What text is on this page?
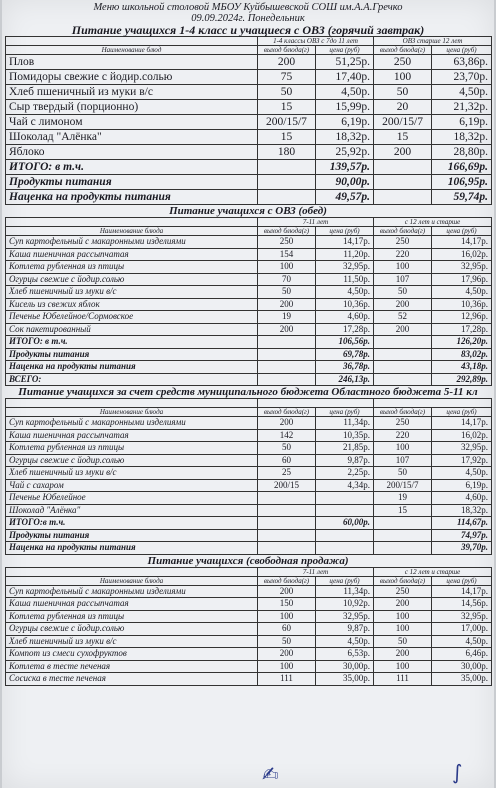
Меню школьной столовой МБОУ Куйбышевской СОШ им.А.А.Гречко
09.09.2024г. Понедельник
Питание учащихся 1-4 класс и учащиеся с ОВЗ (горячий завтрак)
	1-4 классы ОВЗ с 7до 11 лет		ОВЗ старше 12 лет	
Наименование блюд	выход блюда(г)	цена (руб)	выход блюда(г)	цена (руб)
Плов	200	51,25р.	250	63,86р.
Помидоры свежие с йодир.солью	75	17,40р.	100	23,70р.
Хлеб пшеничный из муки в/с	50	4,50р.	50	4,50р.
Сыр твердый (порционно)	15	15,99р.	20	21,32р.
Чай с лимоном	200/15/7	6,19р.	200/15/7	6,19р.
Шоколад "Алёнка"	15	18,32р.	15	18,32р.
Яблоко	180	25,92р.	200	28,80р.
ИТОГО: в т.ч.		139,57р.		166,69р.
Продукты питания		90,00р.		106,95р.
Наценка на продукты питания		49,57р.		59,74р.
Питание учащихся с ОВЗ (обед)
	7-11 лет		с 12 лет и старше	
Наименование блюда	выход блюда(г)	цена (руб)	выход блюда(г)	цена (руб)
Суп картофельный с макаронными изделиями	250	14,17р.	250	14,17р.
Каша пшеничная рассыпчатая	154	11,20р.	220	16,02р.
Котлета рубленная из птицы	100	32,95р.	100	32,95р.
Огурцы свежие с йодир.солью	70	11,50р.	107	17,96р.
Хлеб пшеничный из муки в/с	50	4,50р.	50	4,50р.
Кисель из свежих яблок	200	10,36р.	200	10,36р.
Печенье Юбелейное/Сормовское	19	4,60р.	52	12,96р.
Сок пакетированный	200	17,28р.	200	17,28р.
ИТОГО: в т.ч.		106,56р.		126,20р.
Продукты питания		69,78р.		83,02р.
Наценка на продукты питания		36,78р.		43,18р.
ВСЕГО:		246,13р.		292,89р.
Питание учащихся за счет средств муниципального бюджета Областного бюджета 5-11 кл

Наименование блюда	выход блюда(г)	цена (руб)	выход блюда(г)	цена (руб)
Суп картофельный с макаронными изделиями	200	11,34р.	250	14,17р.
Каша пшеничная рассыпчатая	142	10,35р.	220	16,02р.
Котлета рубленная из птицы	50	21,85р.	100	32,95р.
Огурцы свежие с йодир.солью	60	9,87р.	107	17,92р.
Хлеб пшеничный из муки в/с	25	2,25р.	50	4,50р.
Чай с сахаром	200/15	4,34р.	200/15/7	6,19р.
Печенье Юбелейное			19	4,60р.
Шоколад "Алёнка"			15	18,32р.
ИТОГО:в т.ч.		60,00р.		114,67р.
Продукты питания				74,97р.
Наценка на продукты питания				39,70р.
Питание учащихся (свободная продажа)
	7-11 лет		с 12 лет и старше	
Наименование блюда	выход блюда(г)	цена (руб)	выход блюда(г)	цена (руб)
Суп картофельный с макаронными изделиями	200	11,34р.	250	14,17р.
Каша пшеничная рассыпчатая	150	10,92р.	200	14,56р.
Котлета рубленная из птицы	100	32,95р.	100	32,95р.
Огурцы свежие с йодир.солью	60	9,87р.	100	17,00р.
Хлеб пшеничный из муки в/с	50	4,50р.	50	4,50р.
Компот из смеси сухофруктов	200	6,53р.	200	6,46р.
Котлета в тесте печеная	100	30,00р.	100	30,00р.
Сосиска в тесте печеная	111	35,00р.	111	35,00р.
✍	∫
